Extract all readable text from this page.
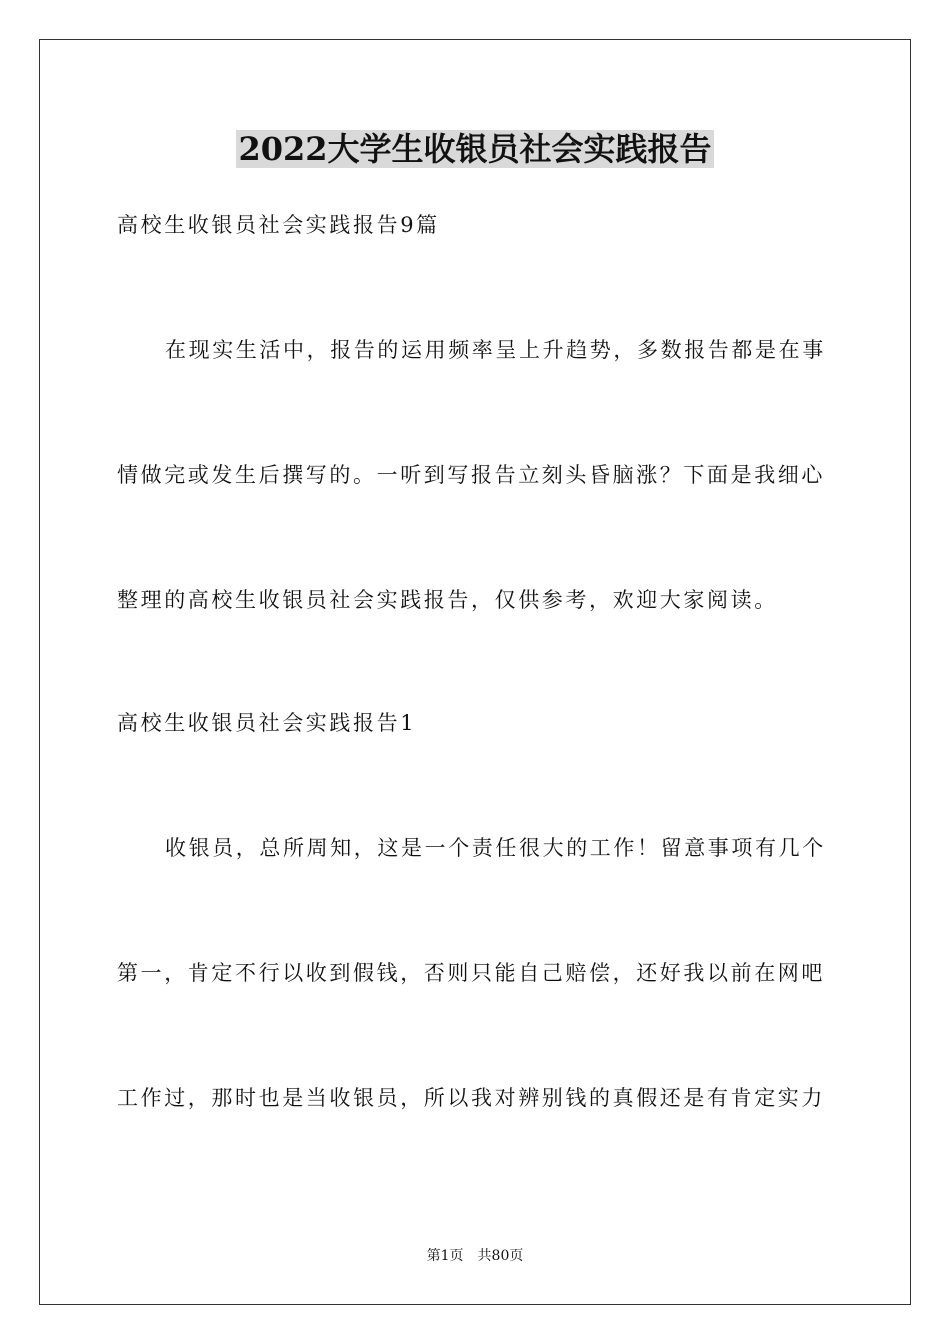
2022大学生收银员社会实践报告
高校生收银员社会实践报告9篇
在现实生活中，报告的运用频率呈上升趋势，多数报告都是在事
情做完或发生后撰写的。一听到写报告立刻头昏脑涨？下面是我细心
整理的高校生收银员社会实践报告，仅供参考，欢迎大家阅读。
高校生收银员社会实践报告1
收银员，总所周知，这是一个责任很大的工作！留意事项有几个
第一，肯定不行以收到假钱，否则只能自己赔偿，还好我以前在网吧
工作过，那时也是当收银员，所以我对辨别钱的真假还是有肯定实力
第1页 共80页
